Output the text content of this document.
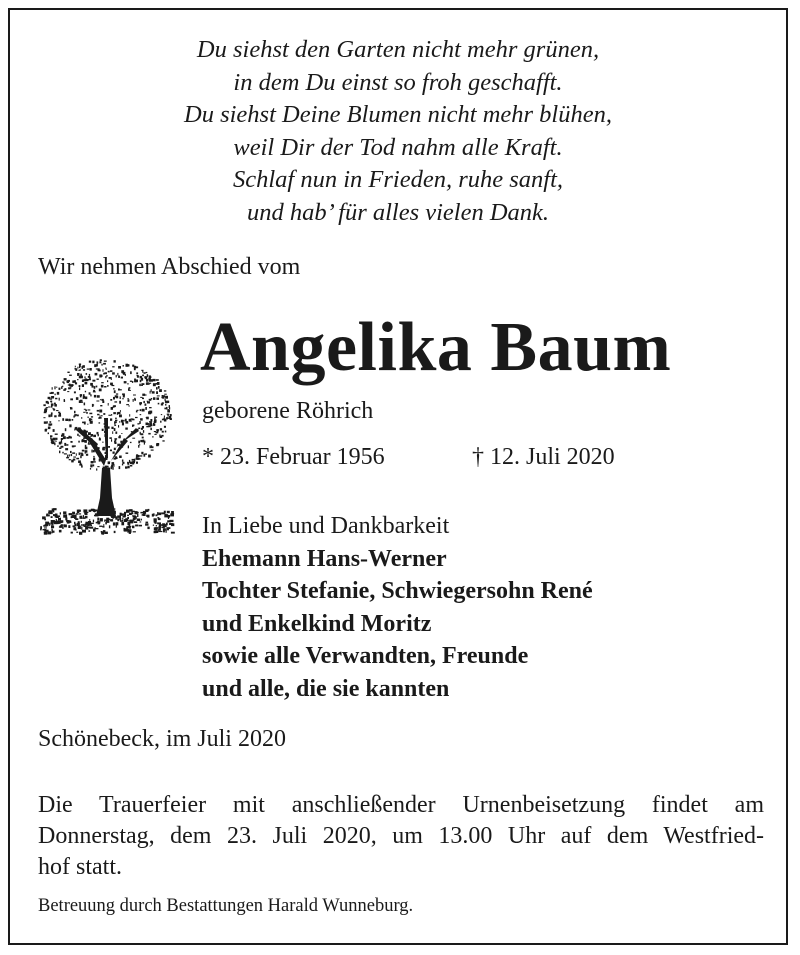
Du siehst den Garten nicht mehr grünen,
in dem Du einst so froh geschafft.
Du siehst Deine Blumen nicht mehr blühen,
weil Dir der Tod nahm alle Kraft.
Schlaf nun in Frieden, ruhe sanft,
und hab’ für alles vielen Dank.
Wir nehmen Abschied vom
Angelika Baum
geborene Röhrich
* 23. Februar 1956	† 12. Juli 2020
In Liebe und Dankbarkeit
Ehemann Hans-Werner
Tochter Stefanie, Schwiegersohn René
und Enkelkind Moritz
sowie alle Verwandten, Freunde
und alle, die sie kannten
Schönebeck, im Juli 2020
Die Trauerfeier mit anschließender Urnenbeisetzung findet am
Donnerstag, dem 23. Juli 2020, um 13.00 Uhr auf dem Westfried-
hof statt.
Betreuung durch Bestattungen Harald Wunneburg.
